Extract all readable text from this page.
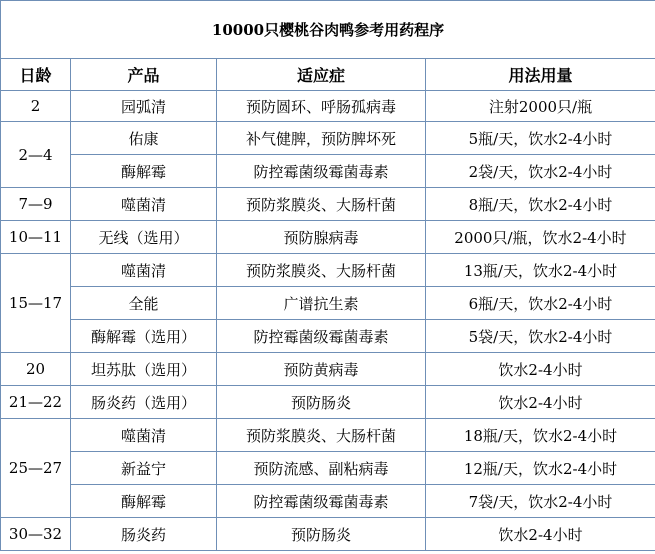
10000只樱桃谷肉鸭参考用药程序			
日龄	产品	适应症	用法用量
2	园弧清	预防圆环、呼肠孤病毒	注射2000只/瓶
2—4	佑康	补气健脾，预防脾坏死	5瓶/天，饮水2-4小时
	酶解霉	防控霉菌级霉菌毒素	2袋/天，饮水2-4小时
7—9	噬菌清	预防浆膜炎、大肠杆菌	8瓶/天，饮水2-4小时
10—11	无线（选用）	预防腺病毒	2000只/瓶，饮水2-4小时
15—17	噬菌清	预防浆膜炎、大肠杆菌	13瓶/天，饮水2-4小时
	全能	广谱抗生素	6瓶/天，饮水2-4小时
	酶解霉（选用）	防控霉菌级霉菌毒素	5袋/天，饮水2-4小时
20	坦苏肽（选用）	预防黄病毒	饮水2-4小时
21—22	肠炎药（选用）	预防肠炎	饮水2-4小时
25—27	噬菌清	预防浆膜炎、大肠杆菌	18瓶/天，饮水2-4小时
	新益宁	预防流感、副粘病毒	12瓶/天，饮水2-4小时
	酶解霉	防控霉菌级霉菌毒素	7袋/天，饮水2-4小时
30—32	肠炎药	预防肠炎	饮水2-4小时
